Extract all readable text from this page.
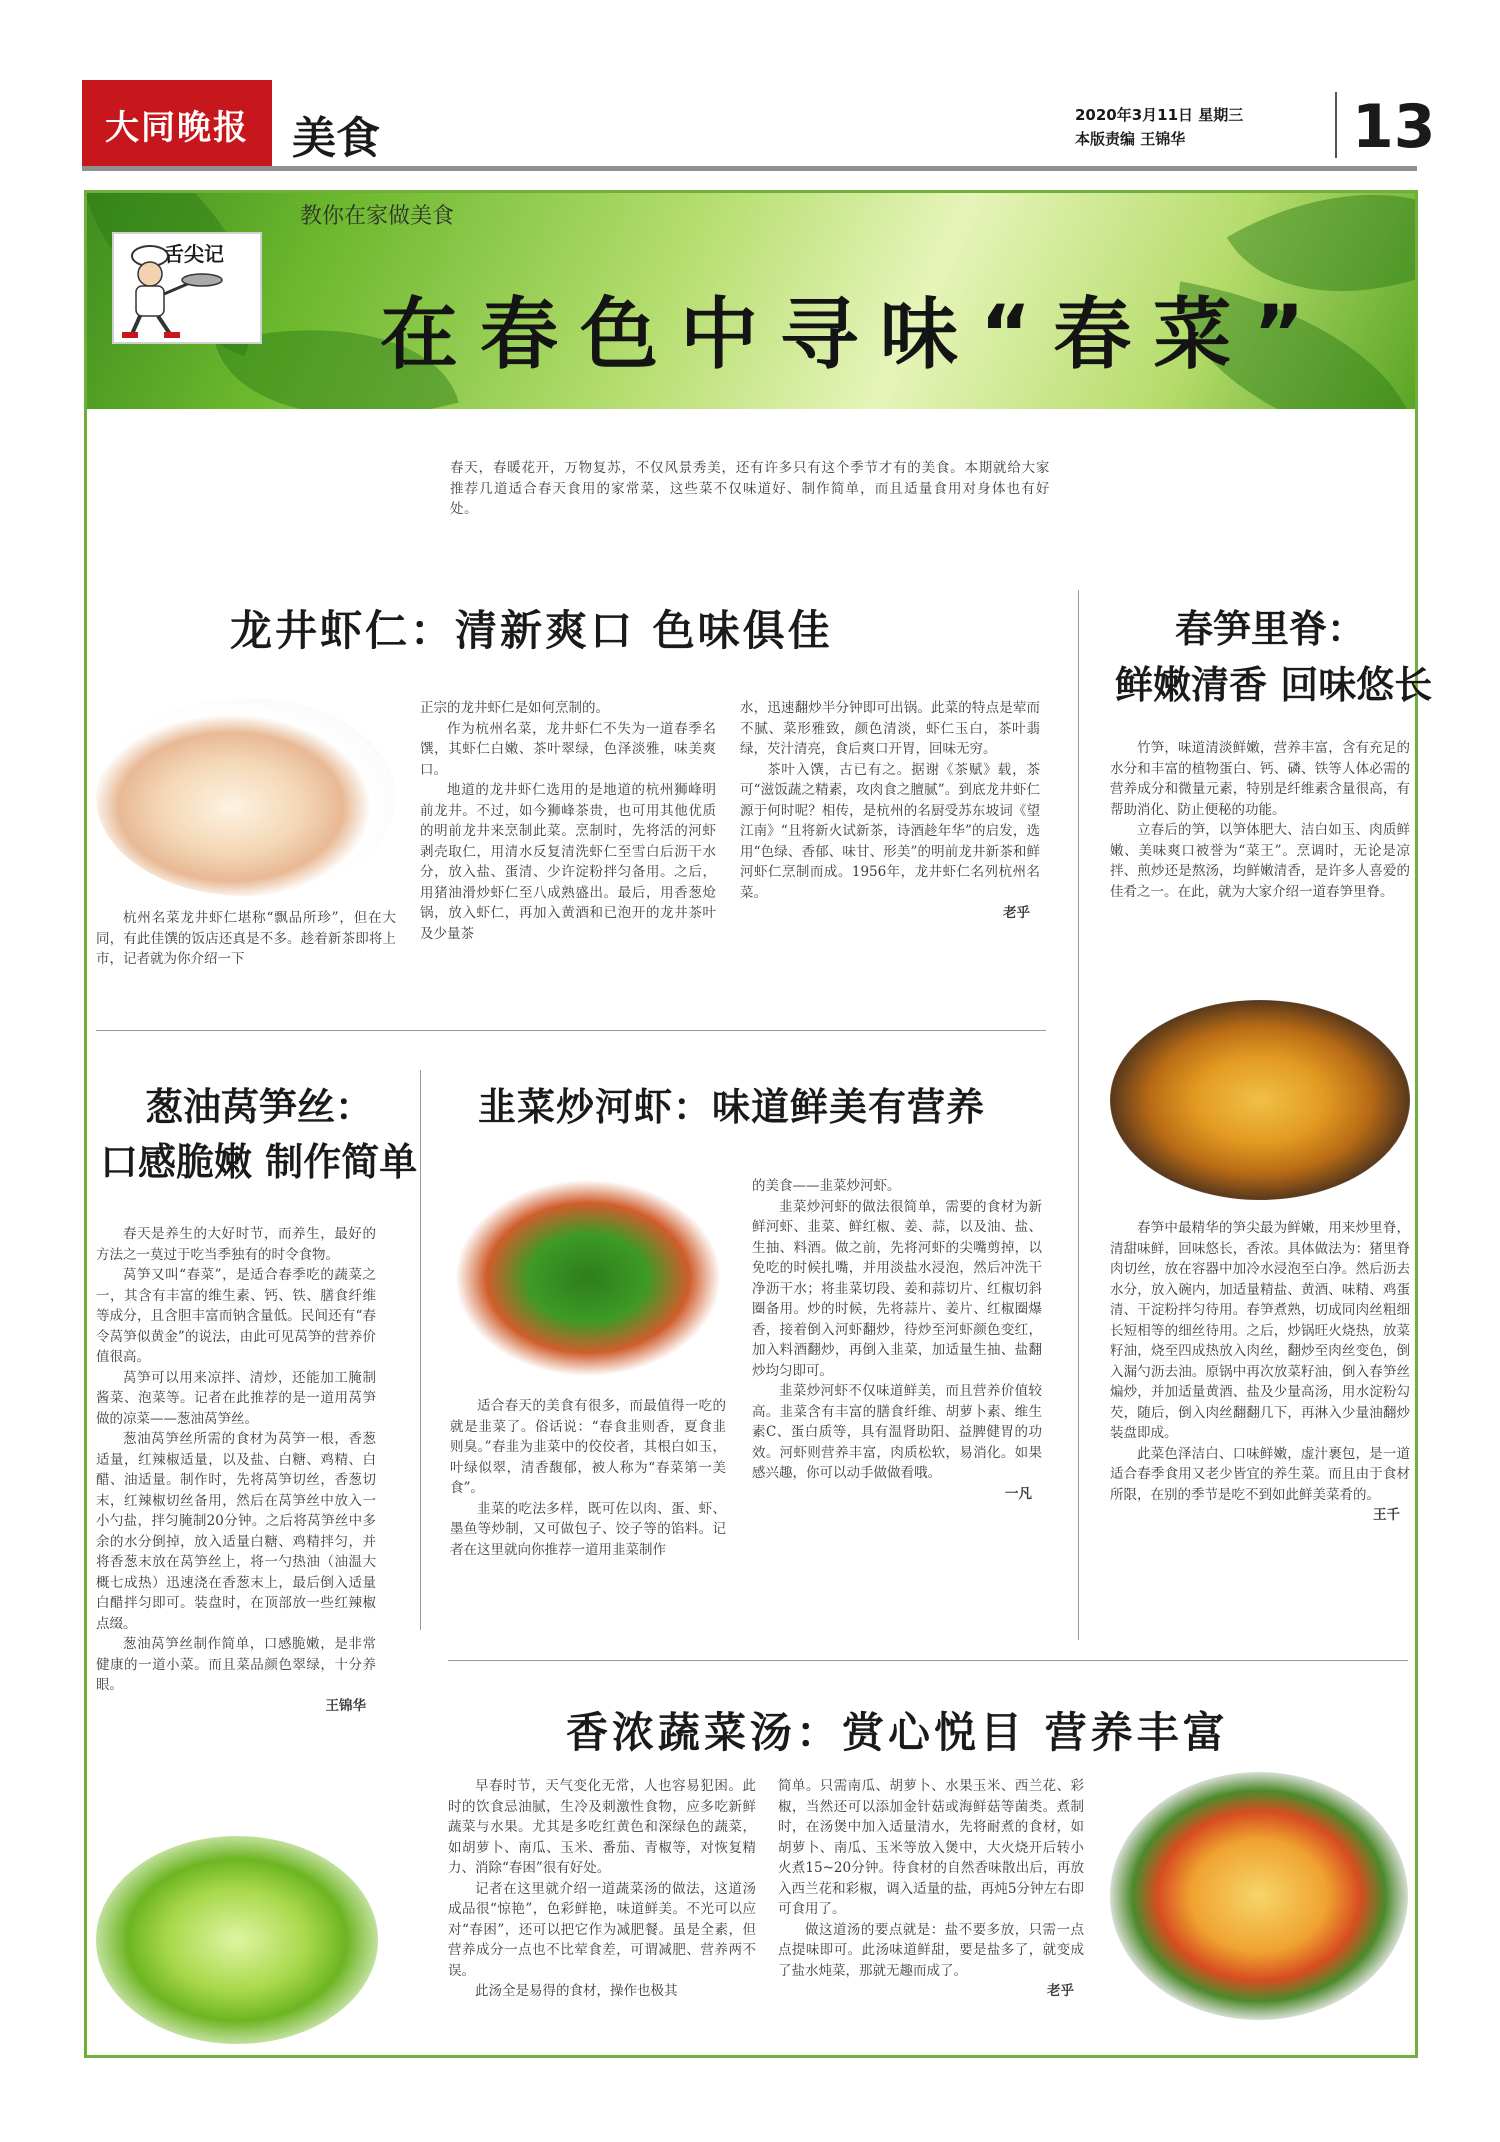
大同晚报 美食	2020年3月11日 星期三
本版责编 王锦华	13
教你在家做美食
舌尖记
在春色中寻味“春菜”
春天，春暖花开，万物复苏，不仅风景秀美，还有许多只有这个季节才有的美食。本期就给大家推荐几道适合春天食用的家常菜，这些菜不仅味道好、制作简单，而且适量食用对身体也有好处。
龙井虾仁：清新爽口 色味俱佳
杭州名菜龙井虾仁堪称“飘品所珍”，但在大同，有此佳馔的饭店还真是不多。趁着新茶即将上市，记者就为你介绍一下

正宗的龙井虾仁是如何烹制的。

作为杭州名菜，龙井虾仁不失为一道春季名馔，其虾仁白嫩、茶叶翠绿，色泽淡雅，味美爽口。

地道的龙井虾仁选用的是地道的杭州狮峰明前龙井。不过，如今狮峰茶贵，也可用其他优质的明前龙井来烹制此菜。烹制时，先将活的河虾剥壳取仁，用清水反复清洗虾仁至雪白后沥干水分，放入盐、蛋清、少许淀粉拌匀备用。之后，用猪油滑炒虾仁至八成熟盛出。最后，用香葱炝锅，放入虾仁，再加入黄酒和已泡开的龙井茶叶及少量茶

水，迅速翻炒半分钟即可出锅。此菜的特点是荤而不腻、菜形雅致，颜色清淡，虾仁玉白，茶叶翡绿，芡汁清亮，食后爽口开胃，回味无穷。

茶叶入馔，古已有之。据谢《茶赋》载，茶可“滋饭蔬之精素，攻肉食之膻腻”。到底龙井虾仁源于何时呢？相传，是杭州的名厨受苏东坡词《望江南》“且将新火试新茶，诗酒趁年华”的启发，选用“色绿、香郁、味甘、形美”的明前龙井新茶和鲜河虾仁烹制而成。1956年，龙井虾仁名列杭州名菜。

老乎

春笋里脊：
鲜嫩清香 回味悠长

竹笋，味道清淡鲜嫩，营养丰富，含有充足的水分和丰富的植物蛋白、钙、磷、铁等人体必需的营养成分和微量元素，特别是纤维素含量很高，有帮助消化、防止便秘的功能。

立春后的笋，以笋体肥大、洁白如玉、肉质鲜嫩、美味爽口被誉为“菜王”。烹调时，无论是凉拌、煎炒还是熬汤，均鲜嫩清香，是许多人喜爱的佳肴之一。在此，就为大家介绍一道春笋里脊。

春笋中最精华的笋尖最为鲜嫩，用来炒里脊，清甜味鲜，回味悠长，香浓。具体做法为：猪里脊肉切丝，放在容器中加冷水浸泡至白净。然后沥去水分，放入碗内，加适量精盐、黄酒、味精、鸡蛋清、干淀粉拌匀待用。春笋煮熟，切成同肉丝粗细长短相等的细丝待用。之后，炒锅旺火烧热，放菜籽油，烧至四成热放入肉丝，翻炒至肉丝变色，倒入漏勺沥去油。原锅中再次放菜籽油，倒入春笋丝煸炒，并加适量黄酒、盐及少量高汤，用水淀粉勾芡，随后，倒入肉丝翻翻几下，再淋入少量油翻炒装盘即成。

此菜色泽洁白、口味鲜嫩，虚汁裹包，是一道适合春季食用又老少皆宜的养生菜。而且由于食材所限，在别的季节是吃不到如此鲜美菜肴的。

王千

葱油莴笋丝：
口感脆嫩 制作简单

春天是养生的大好时节，而养生，最好的方法之一莫过于吃当季独有的时令食物。

莴笋又叫“春菜”，是适合春季吃的蔬菜之一，其含有丰富的维生素、钙、铁、膳食纤维等成分，且含胆丰富而钠含量低。民间还有“春令莴笋似黄金”的说法，由此可见莴笋的营养价值很高。

莴笋可以用来凉拌、清炒，还能加工腌制酱菜、泡菜等。记者在此推荐的是一道用莴笋做的凉菜——葱油莴笋丝。

葱油莴笋丝所需的食材为莴笋一根，香葱适量，红辣椒适量，以及盐、白糖、鸡精、白醋、油适量。制作时，先将莴笋切丝，香葱切末，红辣椒切丝备用，然后在莴笋丝中放入一小勺盐，拌匀腌制20分钟。之后将莴笋丝中多余的水分倒掉，放入适量白糖、鸡精拌匀，并将香葱末放在莴笋丝上，将一勺热油（油温大概七成热）迅速浇在香葱末上，最后倒入适量白醋拌匀即可。装盘时，在顶部放一些红辣椒点缀。

葱油莴笋丝制作简单，口感脆嫩，是非常健康的一道小菜。而且菜品颜色翠绿，十分养眼。

王锦华

韭菜炒河虾：味道鲜美有营养

适合春天的美食有很多，而最值得一吃的就是韭菜了。俗话说：“春食韭则香，夏食韭则臭。”春韭为韭菜中的佼佼者，其根白如玉，叶绿似翠，清香馥郁，被人称为“春菜第一美食”。

韭菜的吃法多样，既可佐以肉、蛋、虾、墨鱼等炒制，又可做包子、饺子等的馅料。记者在这里就向你推荐一道用韭菜制作

的美食——韭菜炒河虾。

韭菜炒河虾的做法很简单，需要的食材为新鲜河虾、韭菜、鲜红椒、姜、蒜，以及油、盐、生抽、料酒。做之前，先将河虾的尖嘴剪掉，以免吃的时候扎嘴，并用淡盐水浸泡，然后冲洗干净沥干水；将韭菜切段、姜和蒜切片、红椒切斜圈备用。炒的时候，先将蒜片、姜片、红椒圈爆香，接着倒入河虾翻炒，待炒至河虾颜色变红，加入料酒翻炒，再倒入韭菜，加适量生抽、盐翻炒均匀即可。

韭菜炒河虾不仅味道鲜美，而且营养价值较高。韭菜含有丰富的膳食纤维、胡萝卜素、维生素C、蛋白质等，具有温肾助阳、益脾健胃的功效。河虾则营养丰富，肉质松软，易消化。如果感兴趣，你可以动手做做看哦。

一凡

香浓蔬菜汤：赏心悦目 营养丰富

早春时节，天气变化无常，人也容易犯困。此时的饮食忌油腻，生冷及刺激性食物，应多吃新鲜蔬菜与水果。尤其是多吃红黄色和深绿色的蔬菜，如胡萝卜、南瓜、玉米、番茄、青椒等，对恢复精力、消除“春困”很有好处。

记者在这里就介绍一道蔬菜汤的做法，这道汤成品很“惊艳”，色彩鲜艳，味道鲜美。不光可以应对“春困”，还可以把它作为减肥餐。虽是全素，但营养成分一点也不比荤食差，可谓减肥、营养两不误。

此汤全是易得的食材，操作也极其

简单。只需南瓜、胡萝卜、水果玉米、西兰花、彩椒，当然还可以添加金针菇或海鲜菇等菌类。煮制时，在汤煲中加入适量清水，先将耐煮的食材，如胡萝卜、南瓜、玉米等放入煲中，大火烧开后转小火煮15~20分钟。待食材的自然香味散出后，再放入西兰花和彩椒，调入适量的盐，再炖5分钟左右即可食用了。

做这道汤的要点就是：盐不要多放，只需一点点提味即可。此汤味道鲜甜，要是盐多了，就变成了盐水炖菜，那就无趣而成了。

老乎
